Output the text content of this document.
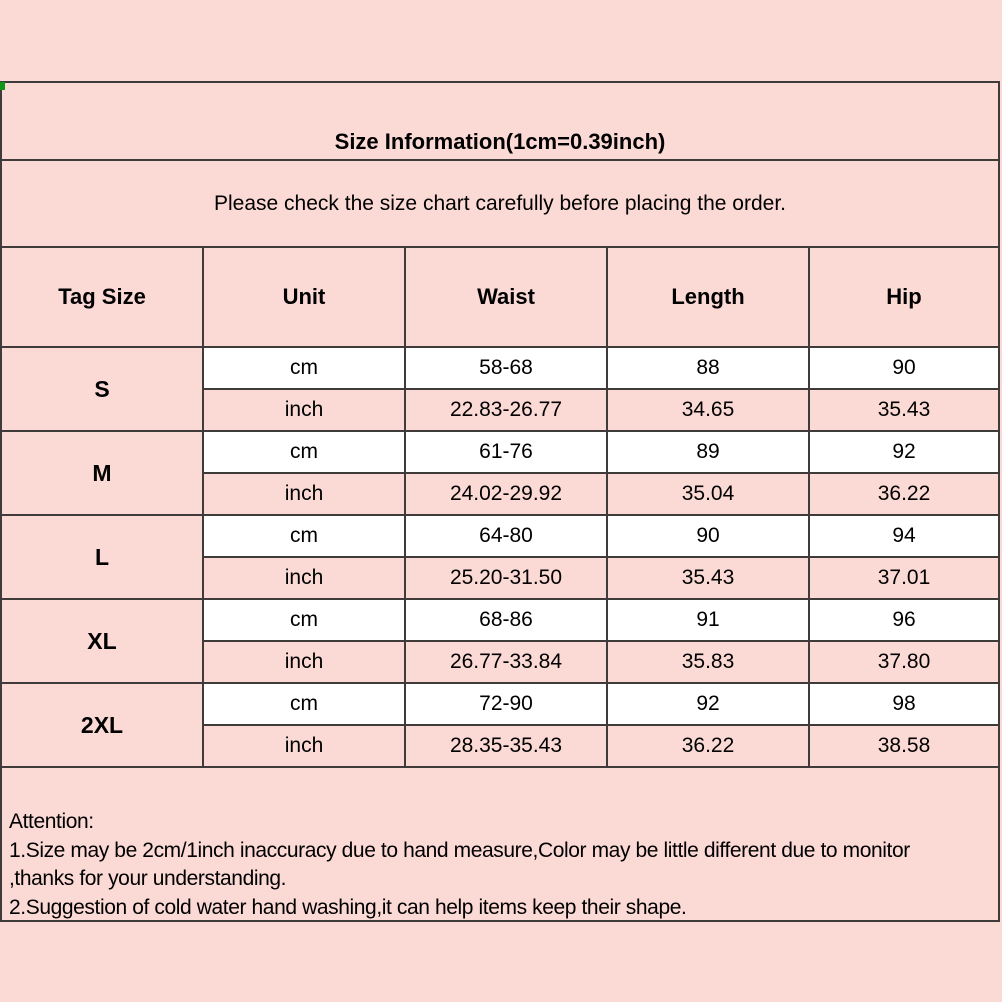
Size Information(1cm=0.39inch)
Please check the size chart carefully before placing the order.
Tag Size	Unit	Waist	Length	Hip
S	cm	58-68	88	90
	inch	22.83-26.77	34.65	35.43
M	cm	61-76	89	92
	inch	24.02-29.92	35.04	36.22
L	cm	64-80	90	94
	inch	25.20-31.50	35.43	37.01
XL	cm	68-86	91	96
	inch	26.77-33.84	35.83	37.80
2XL	cm	72-90	92	98
	inch	28.35-35.43	36.22	38.58
Attention:
1.Size may be 2cm/1inch inaccuracy due to hand measure,Color may be little different due to monitor
,thanks for your understanding.
2.Suggestion of cold water hand washing,it can help items keep their shape.
